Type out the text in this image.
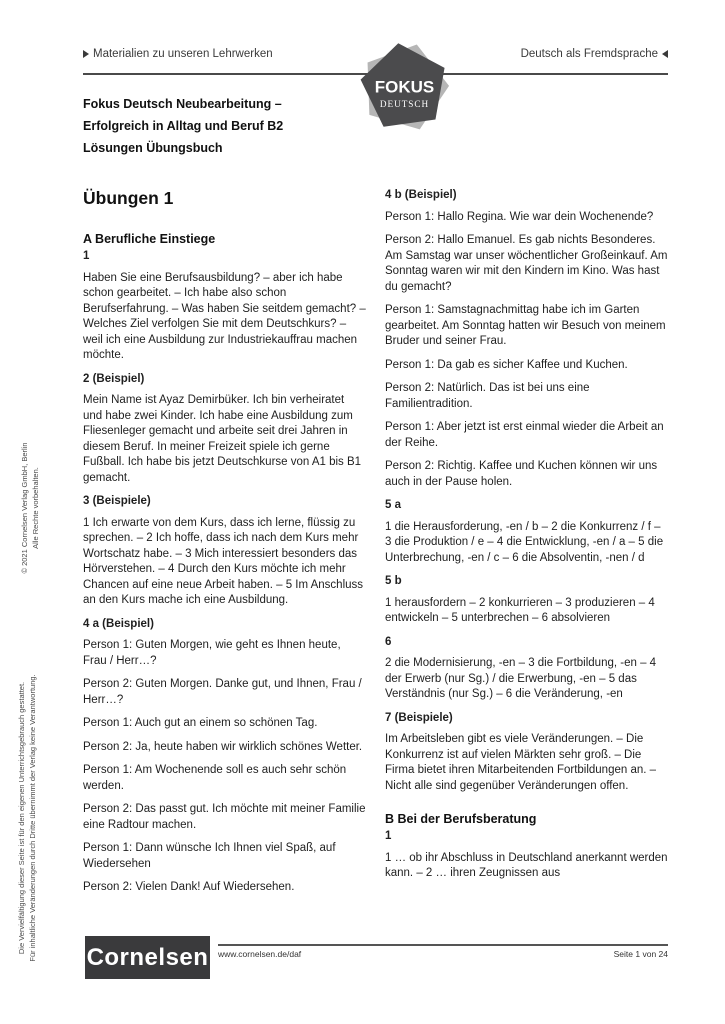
Materialien zu unseren Lehrwerken	Deutsch als Fremdsprache
FOKUS
DEUTSCH
Fokus Deutsch Neubearbeitung –
Erfolgreich in Alltag und Beruf B2
Lösungen Übungsbuch
Übungen 1
A Berufliche Einstiege
1
Haben Sie eine Berufsausbildung? – aber ich habe schon gearbeitet. – Ich habe also schon Berufserfahrung. – Was haben Sie seitdem gemacht? – Welches Ziel verfolgen Sie mit dem Deutschkurs? – weil ich eine Ausbildung zur Industriekauffrau machen möchte.
2 (Beispiel)
Mein Name ist Ayaz Demirbüker. Ich bin verheiratet und habe zwei Kinder. Ich habe eine Ausbildung zum Fliesenleger gemacht und arbeite seit drei Jahren in diesem Beruf. In meiner Freizeit spiele ich gerne Fußball. Ich habe bis jetzt Deutschkurse von A1 bis B1 gemacht.
3 (Beispiele)
1 Ich erwarte von dem Kurs, dass ich lerne, flüssig zu sprechen. – 2 Ich hoffe, dass ich nach dem Kurs mehr Wortschatz habe. – 3 Mich interessiert besonders das Hörverstehen. – 4 Durch den Kurs möchte ich mehr Chancen auf eine neue Arbeit haben. – 5 Im Anschluss an den Kurs mache ich eine Ausbildung.
4 a (Beispiel)
Person 1: Guten Morgen, wie geht es Ihnen heute, Frau / Herr…?
Person 2: Guten Morgen. Danke gut, und Ihnen, Frau / Herr…?
Person 1: Auch gut an einem so schönen Tag.
Person 2: Ja, heute haben wir wirklich schönes Wetter.
Person 1: Am Wochenende soll es auch sehr schön werden.
Person 2: Das passt gut. Ich möchte mit meiner Familie eine Radtour machen.
Person 1: Dann wünsche Ich Ihnen viel Spaß, auf Wiedersehen
Person 2: Vielen Dank! Auf Wiedersehen.
4 b (Beispiel)
Person 1: Hallo Regina. Wie war dein Wochenende?
Person 2: Hallo Emanuel. Es gab nichts Besonderes. Am Samstag war unser wöchentlicher Großeinkauf. Am Sonntag waren wir mit den Kindern im Kino. Was hast du gemacht?
Person 1: Samstagnachmittag habe ich im Garten gearbeitet. Am Sonntag hatten wir Besuch von meinem Bruder und seiner Frau.
Person 1: Da gab es sicher Kaffee und Kuchen.
Person 2: Natürlich. Das ist bei uns eine Familientradition.
Person 1: Aber jetzt ist erst einmal wieder die Arbeit an der Reihe.
Person 2: Richtig. Kaffee und Kuchen können wir uns auch in der Pause holen.
5 a
1 die Herausforderung, -en / b – 2 die Konkurrenz / f – 3 die Produktion / e – 4 die Entwicklung, -en / a – 5 die Unterbrechung, -en / c – 6 die Absolventin, -nen / d
5 b
1 herausfordern – 2 konkurrieren – 3 produzieren – 4 entwickeln – 5 unterbrechen – 6 absolvieren
6
2 die Modernisierung, -en – 3 die Fortbildung, -en – 4 der Erwerb (nur Sg.) / die Erwerbung, -en – 5 das Verständnis (nur Sg.) – 6 die Veränderung, -en
7 (Beispiele)
Im Arbeitsleben gibt es viele Veränderungen. – Die Konkurrenz ist auf vielen Märkten sehr groß. – Die Firma bietet ihren Mitarbeitenden Fortbildungen an. – Nicht alle sind gegenüber Veränderungen offen.
B Bei der Berufsberatung
1
1 … ob ihr Abschluss in Deutschland anerkannt werden kann. – 2 … ihren Zeugnissen aus
© 2021 Cornelsen Verlag GmbH, Berlin Alle Rechte vorbehalten.
Die Vervielfältigung dieser Seite ist für den eigenen Unterrichtsgebrauch gestattet. Für inhaltliche Veränderungen durch Dritte übernimmt der Verlag keine Verantwortung. Cornelsen www.cornelsen.de/daf	Seite 1 von 24
